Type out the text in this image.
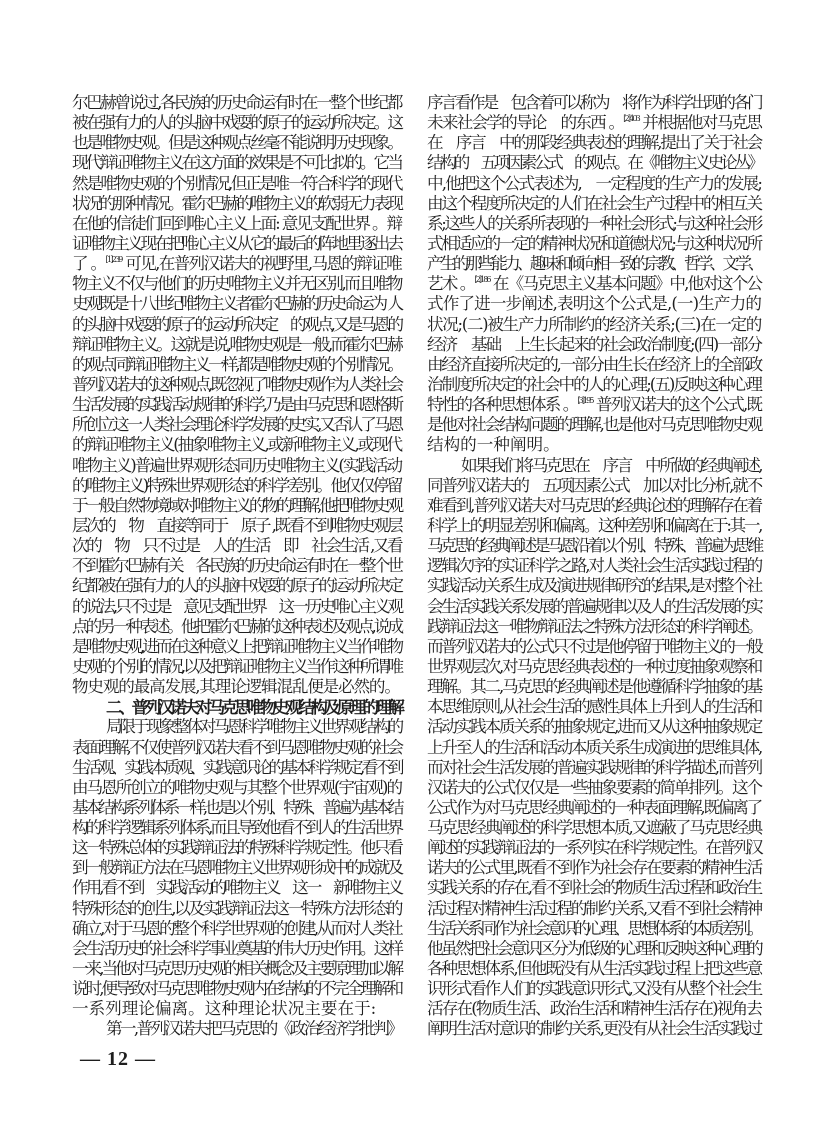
尔巴赫曾说过,各民族的历史命运有时在一整个世纪都
被在强有力的人的头脑中戏耍的原子的运动所决定。这
也是唯物史观。但是这种观点丝毫不能说明历史现象。
现代辩证唯物主义在这方面的效果是不可比拟的。它当
然是唯物史观的个别情况,但正是唯一符合科学的现代
状况的那种情况。霍尔巴赫的唯物主义的软弱无力表现
在他的信徒们回到唯心主义上面: 意见支配世界 。辩
证唯物主义现在把唯心主义从它的最后的阵地里逐出去
了 。$^{[1]239}$ 可见,在普列汉诺夫的视野里,马恩的辩证唯
物主义不仅与他们的历史唯物主义并无区别,而且唯物
史观既是十八世纪唯物主义者霍尔巴赫的历史命运为 人
的头脑中戏耍的原子的运动所决定　的观点,又是马恩的
辩证唯物主义。这就是说,唯物史观是一般,而霍尔巴赫
的观点同辩证唯物主义一样,都是唯物史观的个别情况。
普列汉诺夫的这种观点,既忽视了唯物史观作为人类社会
生活发展的实践活动规律的科学,乃是由马克思和恩格斯
所创立这一人类社会理论科学发展的史实,又否认了马恩
的辩证唯物主义(抽象唯物主义,或新唯物主义,或现代
唯物主义)普遍世界观形态同历史唯物主义(实践活动
的唯物主义)特殊世界观形态的科学差别。他仅仅停留
于一般自然物境域对唯物主义的物的理解,他把唯物史观
层次的　物　直接等同于　原子 ,既看不到唯物史观层
次的　物　只不过是　人的生活　即　社会生活 ,又看
不到霍尔巴赫有关　各民族的历史命运有时在一整个世
纪都被在强有力的人的头脑中戏耍的原子的运动所决定
的说法,只不过是　意见支配世界　这一历史唯心主义观
点的另一种表述。他把霍尔巴赫的这种表述及观点,说成
是唯物史观,进而在这种意义上把辩证唯物主义当作唯物
史观的个别的情况,以及把辩证唯物主义当作这种所谓唯
物史观的最高发展,其理论逻辑混乱便是必然的。
二、普列汉诺夫对马克思唯物史观结构及原理的理解
局限于现象整体对马恩科学唯物主义世界观结构的
表面理解,不仅使普列汉诺夫看不到马恩唯物史观的社会
生活观、实践本质观、实践意识论的基本科学规定,看不到
由马恩所创立的唯物史观与其整个世界观(宇宙观)的
基本结构系列体系一样,也是以个别、特殊、普遍为基本结
构的科学逻辑系列体系,而且导致他看不到人的生活世界
这一特殊总体的实践辩证法的特殊科学规定性。他只看
到一般辩证方法在马恩唯物主义世界观形成中的成就及
作用,看不到　实践活动的唯物主义　这一　新唯物主义
特殊形态的创生,以及实践辩证法这一特殊方法形态的
确立,对于马恩的整个科学世界观的创建,从而对人类社
会生活历史的社会科学事业奠基的伟大历史作用。这样
一来,当他对马克思历史观的相关概念及主要原理加以解
说时,便导致对马克思唯物史观内在结构的不完全理解和
一系列理论偏离。这种理论状况主要在于:
第一,普列汉诺夫把马克思的《政治经济学批判》
序言看作是　包含着可以称为　将作为科学出现的各门
未来社会学的导论　的东西 。$^{[2]403}$ 并根据他对马克思
在　序言　中的那段经典表述的理解,提出了关于社会
结构的　五项因素公式　的观点。在《唯物主义史论丛》
中,他把这个公式表述为,　一定程度的生产力的发展;
由这个程度所决定的人们在社会生产过程中的相互关
系;这些人的关系所表现的一种社会形式;与这种社会形
式相适应的一定的精神状况和道德状况;与这种状况所
产生的那些能力、趣味和倾向相一致的宗教、哲学、文学、
艺术 。$^{[2]186}$ 在《马克思主义基本问题》中,他对这个公
式作了进一步阐述,表明这个公式是,(一)生产力的
状况;(二)被生产力所制约的经济关系;(三)在一定的
经济　基础　上生长起来的社会政治制度;(四)一部分
由经济直接所决定的,一部分由生长在经济上的全部政
治制度所决定的社会中的人的心理;(五)反映这种心理
特性的各种思想体系 。$^{[3]195}$ 普列汉诺夫的这个公式,既
是他对社会结构问题的理解,也是他对马克思唯物史观
结构的一种阐明。
如果我们将马克思在　序言　中所做的经典阐述,
同普列汉诺夫的　五项因素公式　加以对比分析,就不
难看到,普列汉诺夫对马克思的经典论述的理解存在着
科学上的明显差别和偏离。这种差别和偏离在于:其一,
马克思的经典阐述是马恩沿着以个别、特殊、普遍为思维
逻辑次序的实证科学之路,对人类社会生活实践过程的
实践活动关系生成及演进规律研究的结果,是对整个社
会生活实践关系发展的普遍规律以及人的生活发展的实
践辩证法这一唯物辩证法之特殊方法形态的科学阐述。
而普列汉诺夫的公式只不过是他停留于唯物主义的一般
世界观层次,对马克思经典表述的一种过度抽象观察和
理解。其二,马克思的经典阐述是他遵循科学抽象的基
本思维原则,从社会生活的感性具体上升到人的生活和
活动实践本质关系的抽象规定,进而又从这种抽象规定
上升至人的生活和活动本质关系生成演进的思维具体,
而对社会生活发展的普遍实践规律的科学描述,而普列
汉诺夫的公式仅仅是一些抽象要素的简单排列。这个
公式作为对马克思经典阐述的一种表面理解,既偏离了
马克思经典阐述的科学思想本质,又遮蔽了马克思经典
阐述的实践辩证法的一系列实在科学规定性。在普列汉
诺夫的公式里,既看不到作为社会存在要素的精神生活
实践关系的存在,看不到社会的物质生活过程和政治生
活过程对精神生活过程的制约关系,又看不到社会精神
生活关系同作为社会意识的心理、思想体系的本质差别。
他虽然把社会意识区分为低级的心理和反映这种心理的
各种思想体系,但他既没有从生活实践过程上把这些意
识形式看作人们的实践意识形式,又没有从整个社会生
活存在(物质生活、政治生活和精神生活存在)视角去
阐明生活对意识的制约关系,更没有从社会生活实践过
— 12 —
